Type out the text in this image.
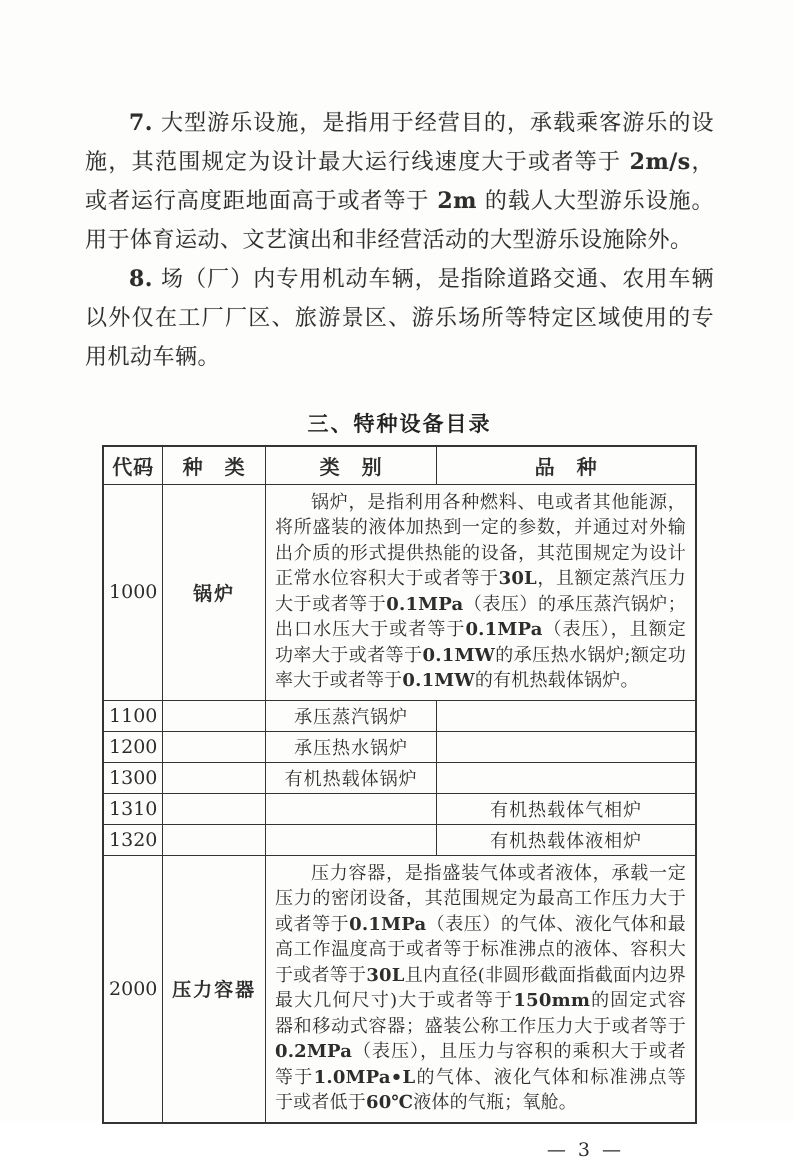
7. 大型游乐设施，是指用于经营目的，承载乘客游乐的设施，其范围规定为设计最大运行线速度大于或者等于 2m/s，或者运行高度距地面高于或者等于 2m 的载人大型游乐设施。用于体育运动、文艺演出和非经营活动的大型游乐设施除外。

8. 场（厂）内专用机动车辆，是指除道路交通、农用车辆以外仅在工厂厂区、旅游景区、游乐场所等特定区域使用的专用机动车辆。

三、特种设备目录
代码	种　类	类　别	品　种
1000	锅炉	锅炉，是指利用各种燃料、电或者其他能源，将所盛装的液体加热到一定的参数，并通过对外输出介质的形式提供热能的设备，其范围规定为设计正常水位容积大于或者等于30L，且额定蒸汽压力大于或者等于0.1MPa（表压）的承压蒸汽锅炉；出口水压大于或者等于0.1MPa（表压），且额定功率大于或者等于0.1MW的承压热水锅炉;额定功率大于或者等于0.1MW的有机热载体锅炉。	
1100		承压蒸汽锅炉	
1200		承压热水锅炉	
1300		有机热载体锅炉	
1310			有机热载体气相炉
1320			有机热载体液相炉
2000	压力容器	压力容器，是指盛装气体或者液体，承载一定压力的密闭设备，其范围规定为最高工作压力大于或者等于0.1MPa（表压）的气体、液化气体和最高工作温度高于或者等于标准沸点的液体、容积大于或者等于30L且内直径(非圆形截面指截面内边界最大几何尺寸)大于或者等于150mm的固定式容器和移动式容器；盛装公称工作压力大于或者等于0.2MPa（表压），且压力与容积的乘积大于或者等于1.0MPa•L的气体、液化气体和标准沸点等于或者低于60℃液体的气瓶；氧舱。	
— 3 —
